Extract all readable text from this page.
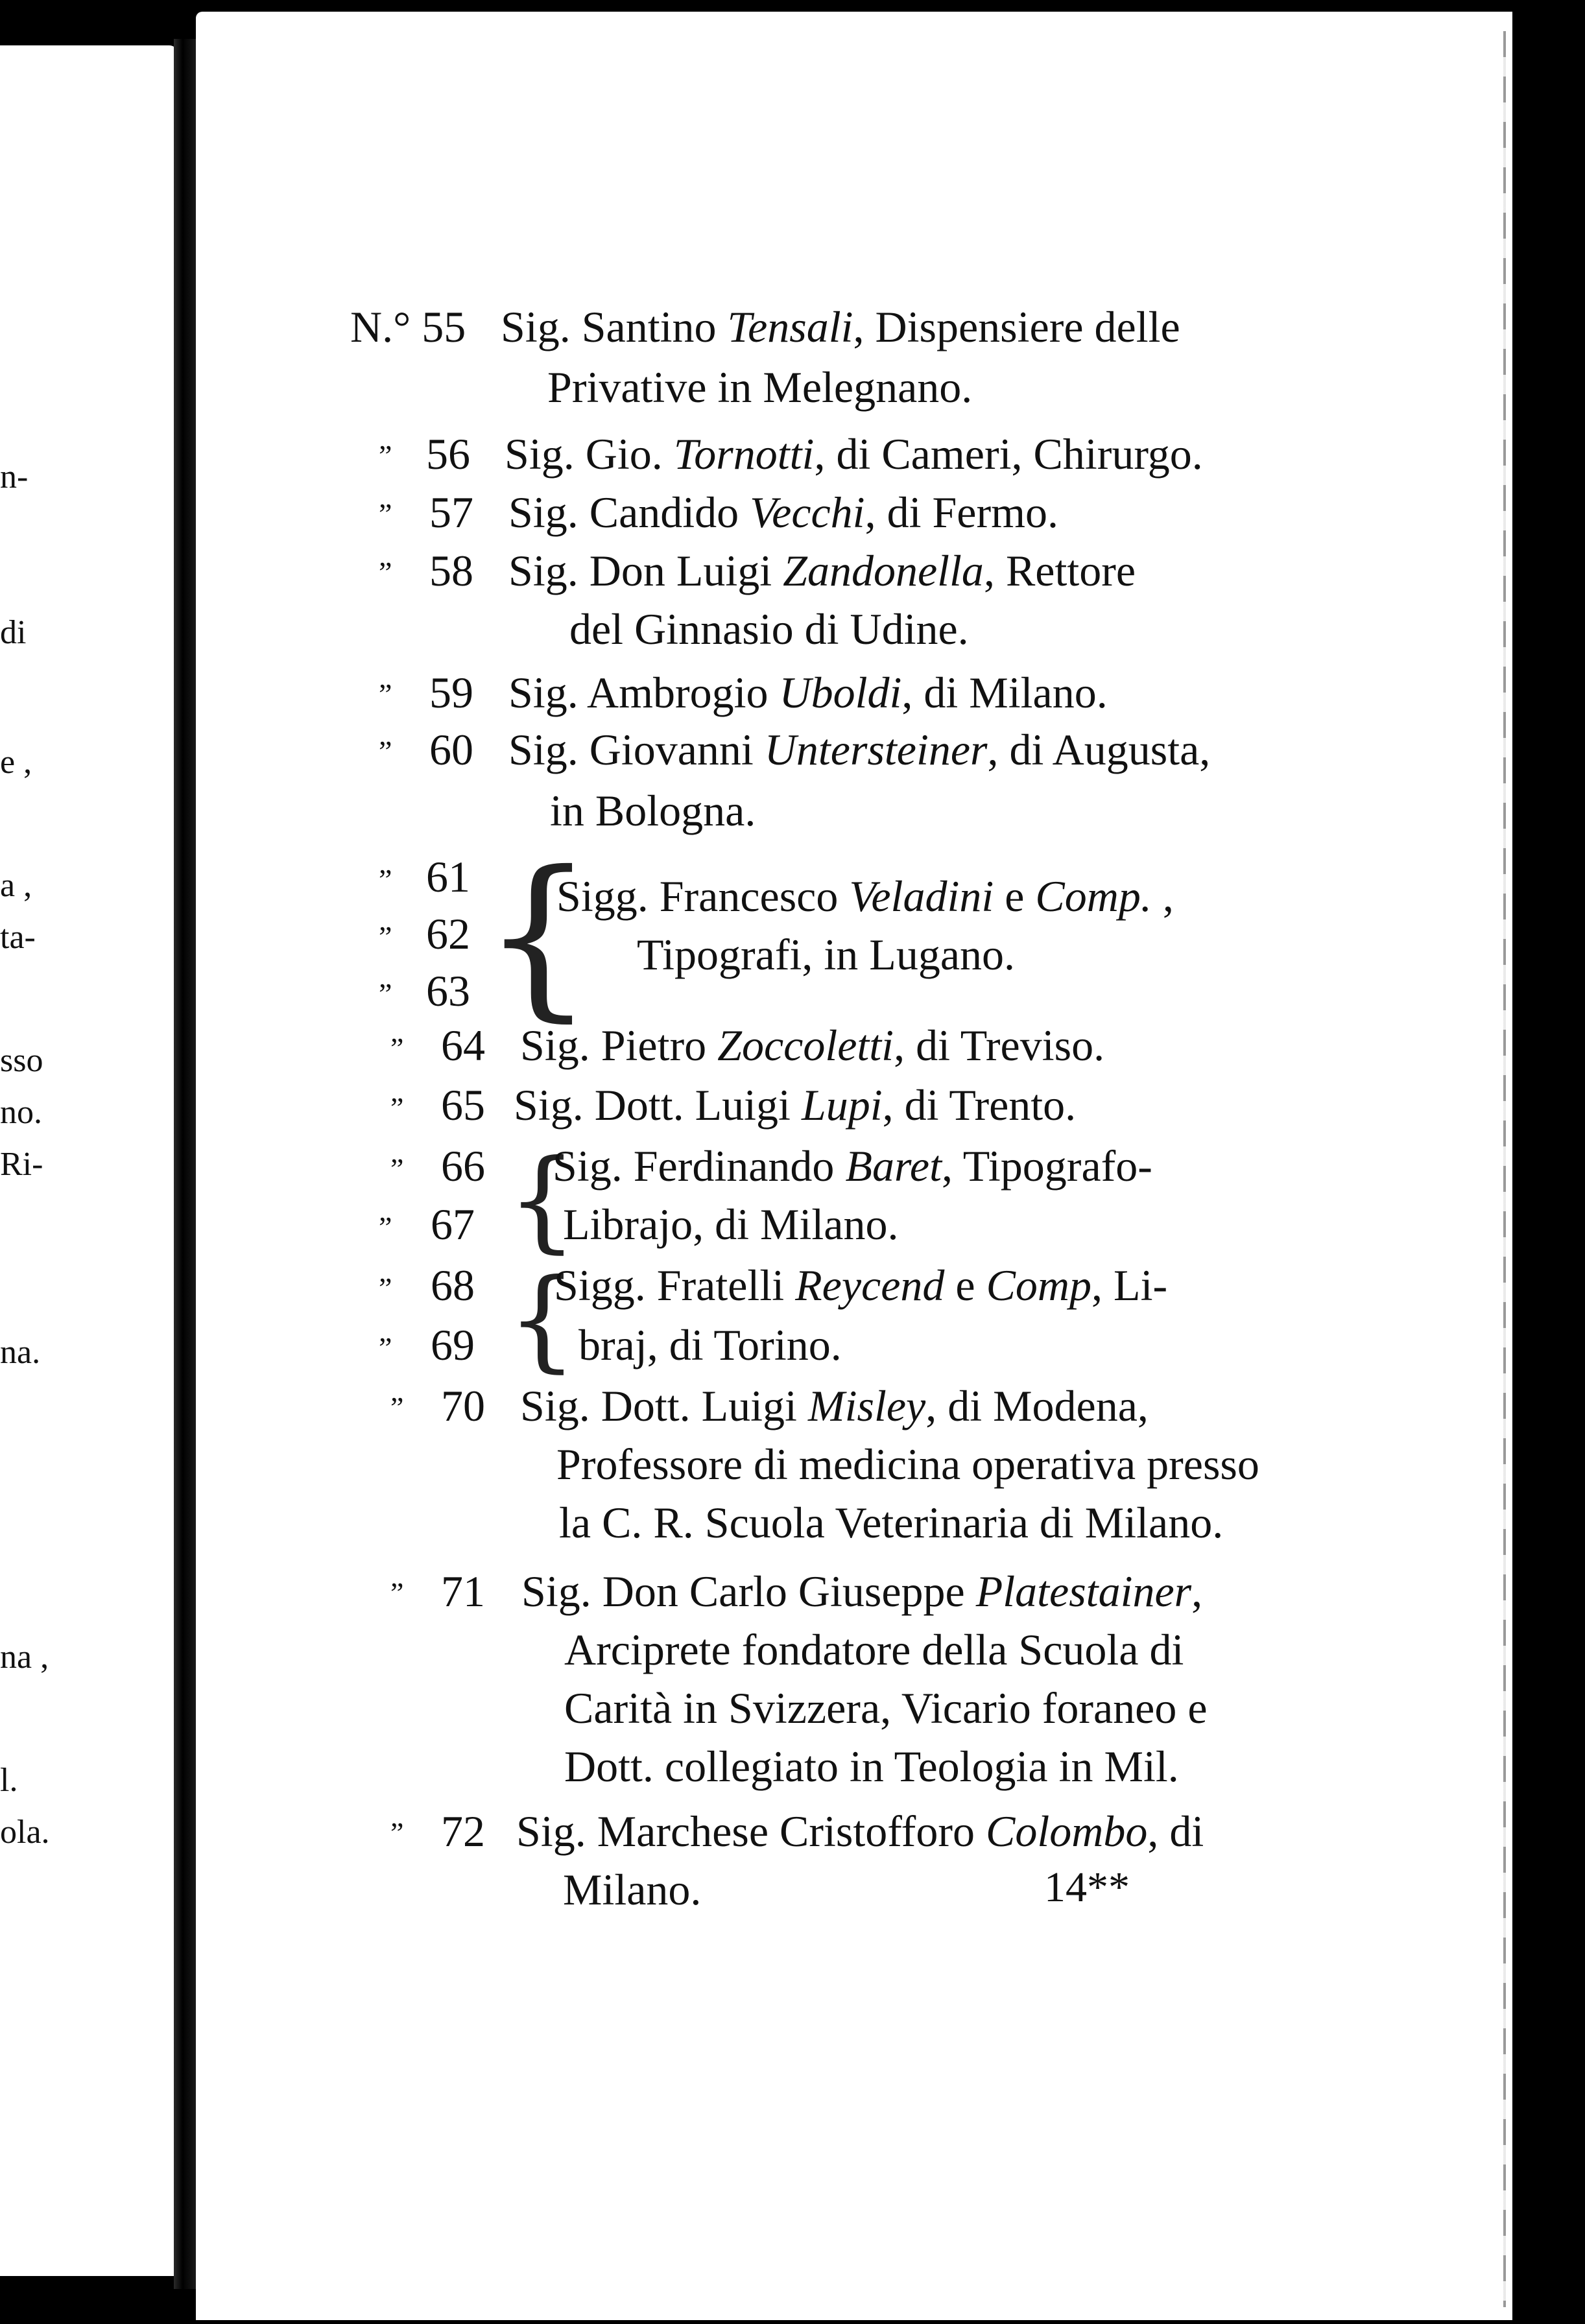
n-
di
e ,
a ,
ta-
sso
no.
Ri-
na.
na ,
l.
ola.
N.° 55 Sig. Santino Tensali, Dispensiere delle
Privative in Melegnano.
” 56 Sig. Gio. Tornotti, di Cameri, Chirurgo.
” 57 Sig. Candido Vecchi, di Fermo.
” 58 Sig. Don Luigi Zandonella, Rettore
del Ginnasio di Udine.
” 59 Sig. Ambrogio Uboldi, di Milano.
” 60 Sig. Giovanni Untersteiner, di Augusta,
in Bologna.
” 61
” 62
” 63 {
Sigg. Francesco Veladini e Comp. ,
Tipografi, in Lugano.
” 64 Sig. Pietro Zoccoletti, di Treviso.
” 65 Sig. Dott. Luigi Lupi, di Trento.
” 66
” 67 {
Sig. Ferdinando Baret, Tipografo-
Librajo, di Milano.
” 68
” 69 {
Sigg. Fratelli Reycend e Comp, Li-
braj, di Torino.
” 70 Sig. Dott. Luigi Misley, di Modena,
Professore di medicina operativa presso
la C. R. Scuola Veterinaria di Milano.
” 71 Sig. Don Carlo Giuseppe Platestainer,
Arciprete fondatore della Scuola di
Carità in Svizzera, Vicario foraneo e
Dott. collegiato in Teologia in Mil.
” 72 Sig. Marchese Cristofforo Colombo, di
Milano.	14**
